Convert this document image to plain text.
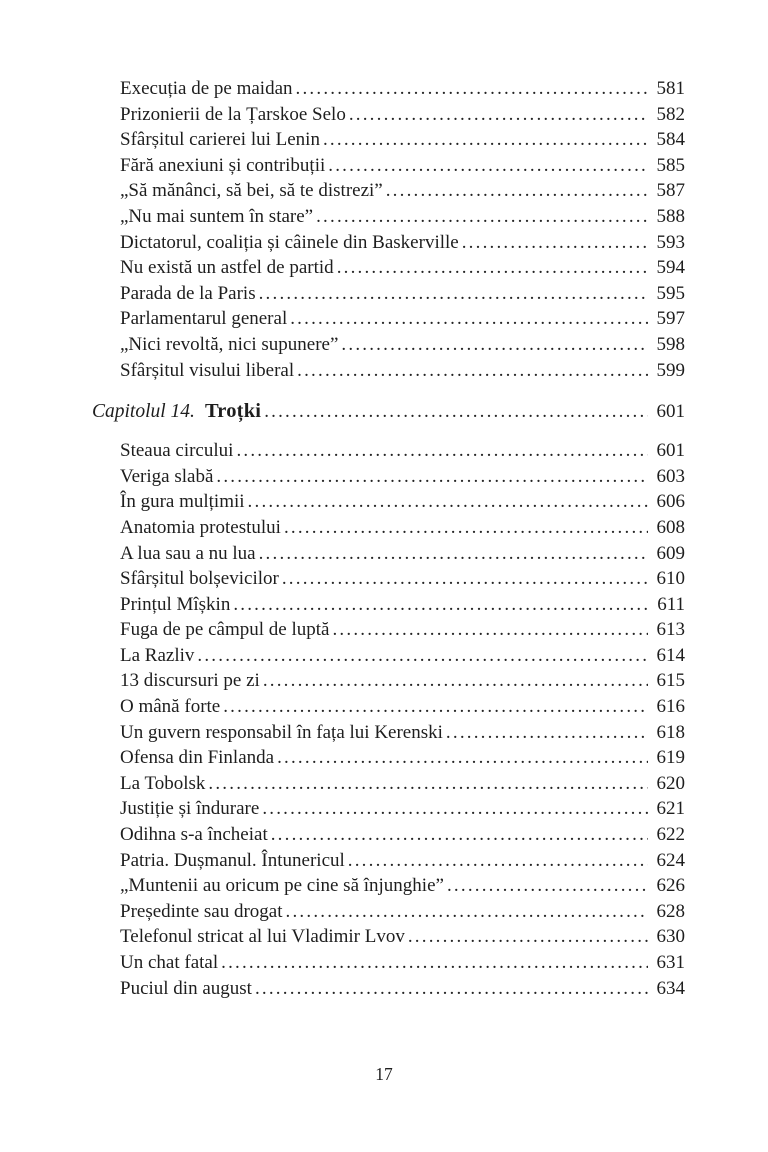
Execuția de pe maidan .....	581
Prizonierii de la Țarskoe Selo .....	582
Sfârșitul carierei lui Lenin .....	584
Fără anexiuni și contribuții .....	585
„Să mănânci, să bei, să te distrezi” .....	587
„Nu mai suntem în stare” .....	588
Dictatorul, coaliția și câinele din Baskerville .....	593
Nu există un astfel de partid .....	594
Parada de la Paris .....	595
Parlamentarul general .....	597
„Nici revoltă, nici supunere” .....	598
Sfârșitul visului liberal .....	599
Capitolul 14. Troțki .....	601
Steaua circului .....	601
Veriga slabă .....	603
În gura mulțimii .....	606
Anatomia protestului .....	608
A lua sau a nu lua .....	609
Sfârșitul bolșevicilor .....	610
Prințul Mîșkin .....	611
Fuga de pe câmpul de luptă .....	613
La Razliv .....	614
13 discursuri pe zi .....	615
O mână forte .....	616
Un guvern responsabil în fața lui Kerenski .....	618
Ofensa din Finlanda .....	619
La Tobolsk .....	620
Justiție și îndurare .....	621
Odihna s-a încheiat .....	622
Patria. Dușmanul. Întunericul .....	624
„Muntenii au oricum pe cine să înjunghie” .....	626
Președinte sau drogat .....	628
Telefonul stricat al lui Vladimir Lvov .....	630
Un chat fatal .....	631
Puciul din august .....	634
17
